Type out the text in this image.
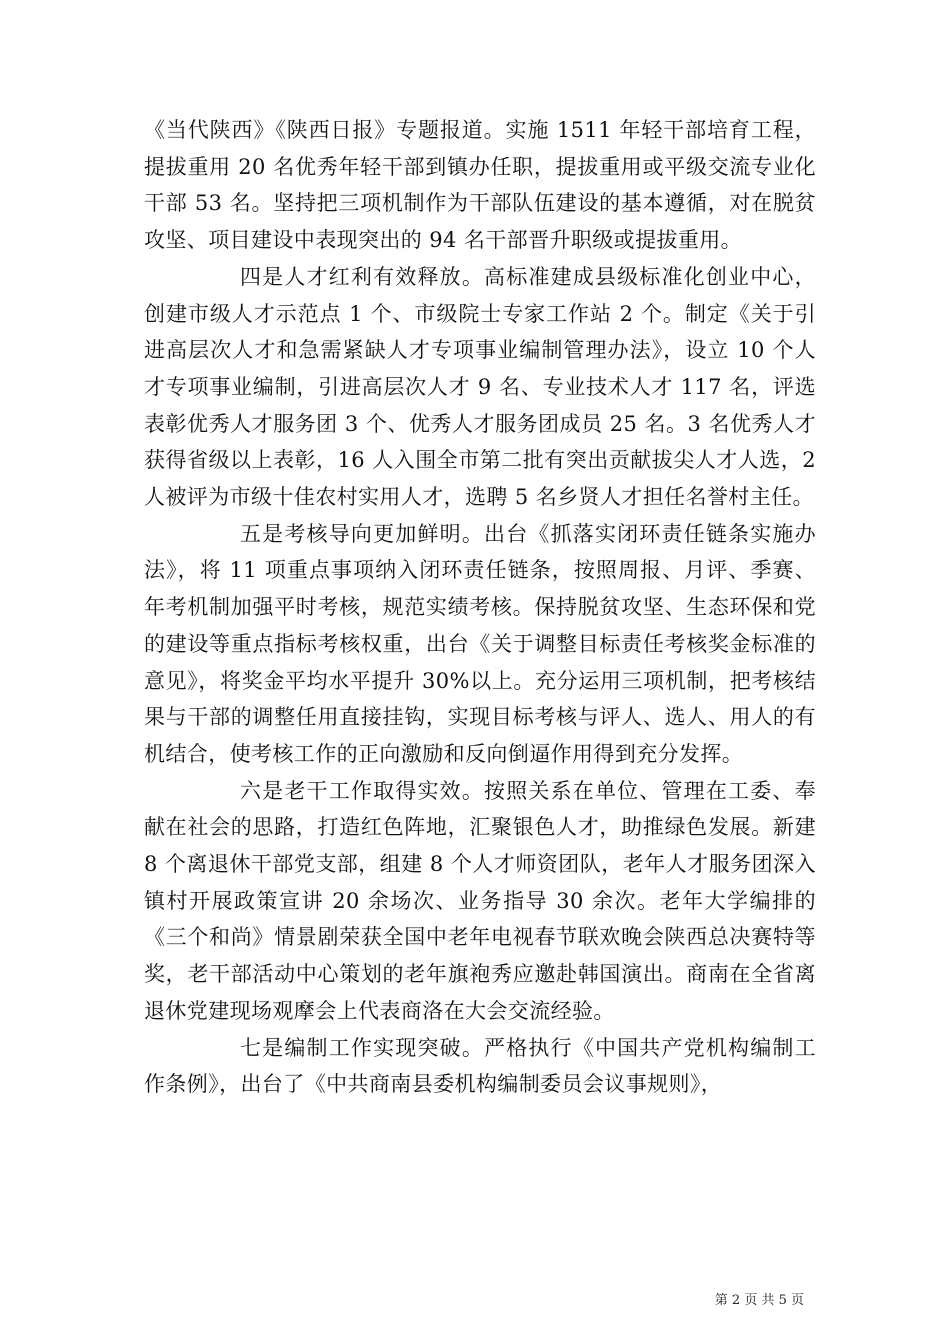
《当代陕西》《陕西日报》专题报道。实施 1511 年轻干部培育工程，提拔重用 20 名优秀年轻干部到镇办任职，提拔重用或平级交流专业化干部 53 名。坚持把三项机制作为干部队伍建设的基本遵循，对在脱贫攻坚、项目建设中表现突出的 94 名干部晋升职级或提拔重用。

四是人才红利有效释放。高标准建成县级标准化创业中心，创建市级人才示范点 1 个、市级院士专家工作站 2 个。制定《关于引进高层次人才和急需紧缺人才专项事业编制管理办法》，设立 10 个人才专项事业编制，引进高层次人才 9 名、专业技术人才 117 名，评选表彰优秀人才服务团 3 个、优秀人才服务团成员 25 名。3 名优秀人才获得省级以上表彰，16 人入围全市第二批有突出贡献拔尖人才人选，2 人被评为市级十佳农村实用人才，选聘 5 名乡贤人才担任名誉村主任。

五是考核导向更加鲜明。出台《抓落实闭环责任链条实施办法》，将 11 项重点事项纳入闭环责任链条，按照周报、月评、季赛、年考机制加强平时考核，规范实绩考核。保持脱贫攻坚、生态环保和党的建设等重点指标考核权重，出台《关于调整目标责任考核奖金标准的意见》，将奖金平均水平提升 30%以上。充分运用三项机制，把考核结果与干部的调整任用直接挂钩，实现目标考核与评人、选人、用人的有机结合，使考核工作的正向激励和反向倒逼作用得到充分发挥。

六是老干工作取得实效。按照关系在单位、管理在工委、奉献在社会的思路，打造红色阵地，汇聚银色人才，助推绿色发展。新建 8 个离退休干部党支部，组建 8 个人才师资团队，老年人才服务团深入镇村开展政策宣讲 20 余场次、业务指导 30 余次。老年大学编排的《三个和尚》情景剧荣获全国中老年电视春节联欢晚会陕西总决赛特等奖，老干部活动中心策划的老年旗袍秀应邀赴韩国演出。商南在全省离退休党建现场观摩会上代表商洛在大会交流经验。

七是编制工作实现突破。严格执行《中国共产党机构编制工作条例》，出台了《中共商南县委机构编制委员会议事规则》，

第 2 页 共 5 页
